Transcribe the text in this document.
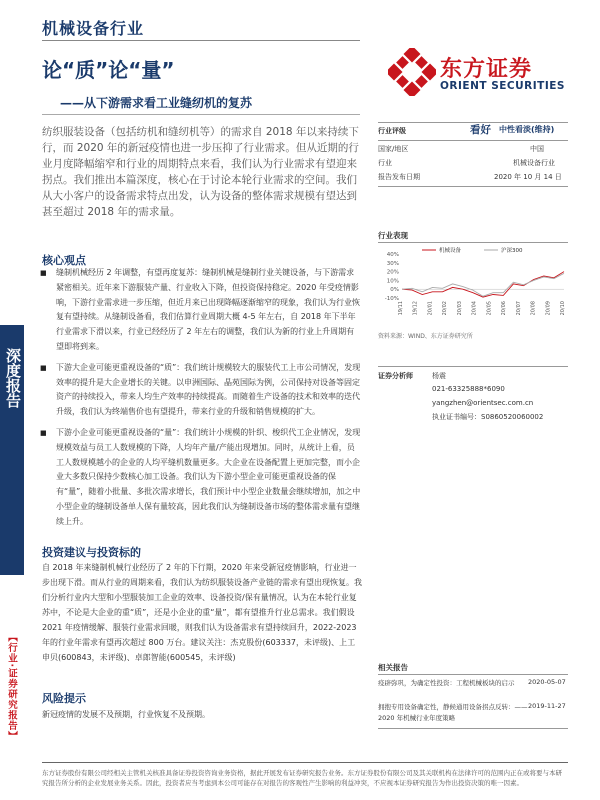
机械设备行业
论“质”论“量”
——从下游需求看工业缝纫机的复苏
东方证券
ORIENT SECURITIES
纺织服装设备（包括纺机和缝纫机等）的需求自 2018 年以来持续下行，而 2020 年的新冠疫情也进一步压抑了行业需求。但从近期的行业月度降幅缩窄和行业的周期特点来看，我们认为行业需求有望迎来拐点。我们推出本篇深度，核心在于讨论本轮行业需求的空间。我们从大小客户的设备需求特点出发，认为设备的整体需求规模有望达到甚至超过 2018 年的需求量。
核心观点
■ 缝制机械经历 2 年调整，有望再度复苏：缝制机械是缝制行业关键设备，与下游需求紧密相关。近年来下游服装产量、行业收入下降，但投资保持稳定。2020 年受疫情影响，下游行业需求进一步压缩，但近月来已出现降幅逐渐缩窄的现象，我们认为行业恢复有望持续。从缝制设备看，我们估算行业周期大概 4-5 年左右，自 2018 年下半年行业需求下滑以来，行业已经经历了 2 年左右的调整，我们认为新的行业上升周期有望即将到来。
■ 下游大企业可能更重视设备的“质”：我们统计规模较大的服装代工上市公司情况，发现效率的提升是大企业增长的关键。以申洲国际、晶苑国际为例，公司保持对设备等固定资产的持续投入，带来人均生产效率的持续提高。而随着生产设备的技术和效率的迭代升级，我们认为终端售价也有望提升，带来行业的升级和销售规模的扩大。
■ 下游小企业可能更重视设备的“量”：我们统计小规模的针织、梭织代工企业情况，发现规模效益与员工人数规模的下降，人均年产量/产能出现增加。同时，从统计上看，员工人数规模越小的企业的人均平缝机数量更多。大企业在设备配置上更加完整，而小企业大多数只保持少数核心加工设备。我们认为下游小型企业可能更重视设备的保有“量”，随着小批量、多批次需求增长，我们预计中小型企业数量会继续增加，加之中小型企业的缝制设备单人保有量较高，因此我们认为缝制设备市场的整体需求量有望继续上升。
投资建议与投资标的
自 2018 年来缝制机械行业经历了 2 年的下行期，2020 年来受新冠疫情影响，行业进一步出现下滑。而从行业的周期来看，我们认为纺织服装设备产业链的需求有望出现恢复。我们分析行业内大型和小型服装加工企业的效率、设备投资/保有量情况，认为在本轮行业复苏中，不论是大企业的重“质”，还是小企业的重“量”，都有望推升行业总需求。我们假设 2021 年疫情缓解、服装行业需求回暖，则我们认为设备需求有望持续回升，2022-2023 年的行业年需求有望再次超过 800 万台。建议关注：杰克股份(603337，未评级)、上工申贝(600843，未评级)、卓郎智能(600545，未评级)
风险提示
新冠疫情的发展不及预期，行业恢复不及预期。
深度报告
【行业·证券研究报告】
行业评级	看好 中性看淡(维持)
国家/地区	中国
行业	机械设备行业
报告发布日期	2020 年 10 月 14 日
行业表现
40%
30%
20%
10%
0%
-10%
19/11 19/12 20/01 20/02 20/03 20/04 20/05 20/06 20/07 20/08 20/09 20/10
机械设备	沪深300
资料来源：WIND、东方证券研究所
证券分析师	杨震
021-63325888*6090
yangzhen@orientsec.com.cn
执业证书编号：S0860520060002
相关报告
疫辟弥巩，为确定性投资：工程机械板块的启示	2020-05-07
拥抱专用设备确定性，静候通用设备拐点反转：——2020 年机械行业年度策略
2019-11-27
东方证券股份有限公司经相关主管机关核准具备证券投资咨询业务资格，据此开展发布证券研究报告业务。东方证券股份有限公司及其关联机构在法律许可的范围内正在或将要与本研究报告所分析的企业发展业务关系。因此，投资者应当考虑到本公司可能存在对报告的客观性产生影响的利益冲突，不应视本证券研究报告为作出投资决策的唯一因素。
